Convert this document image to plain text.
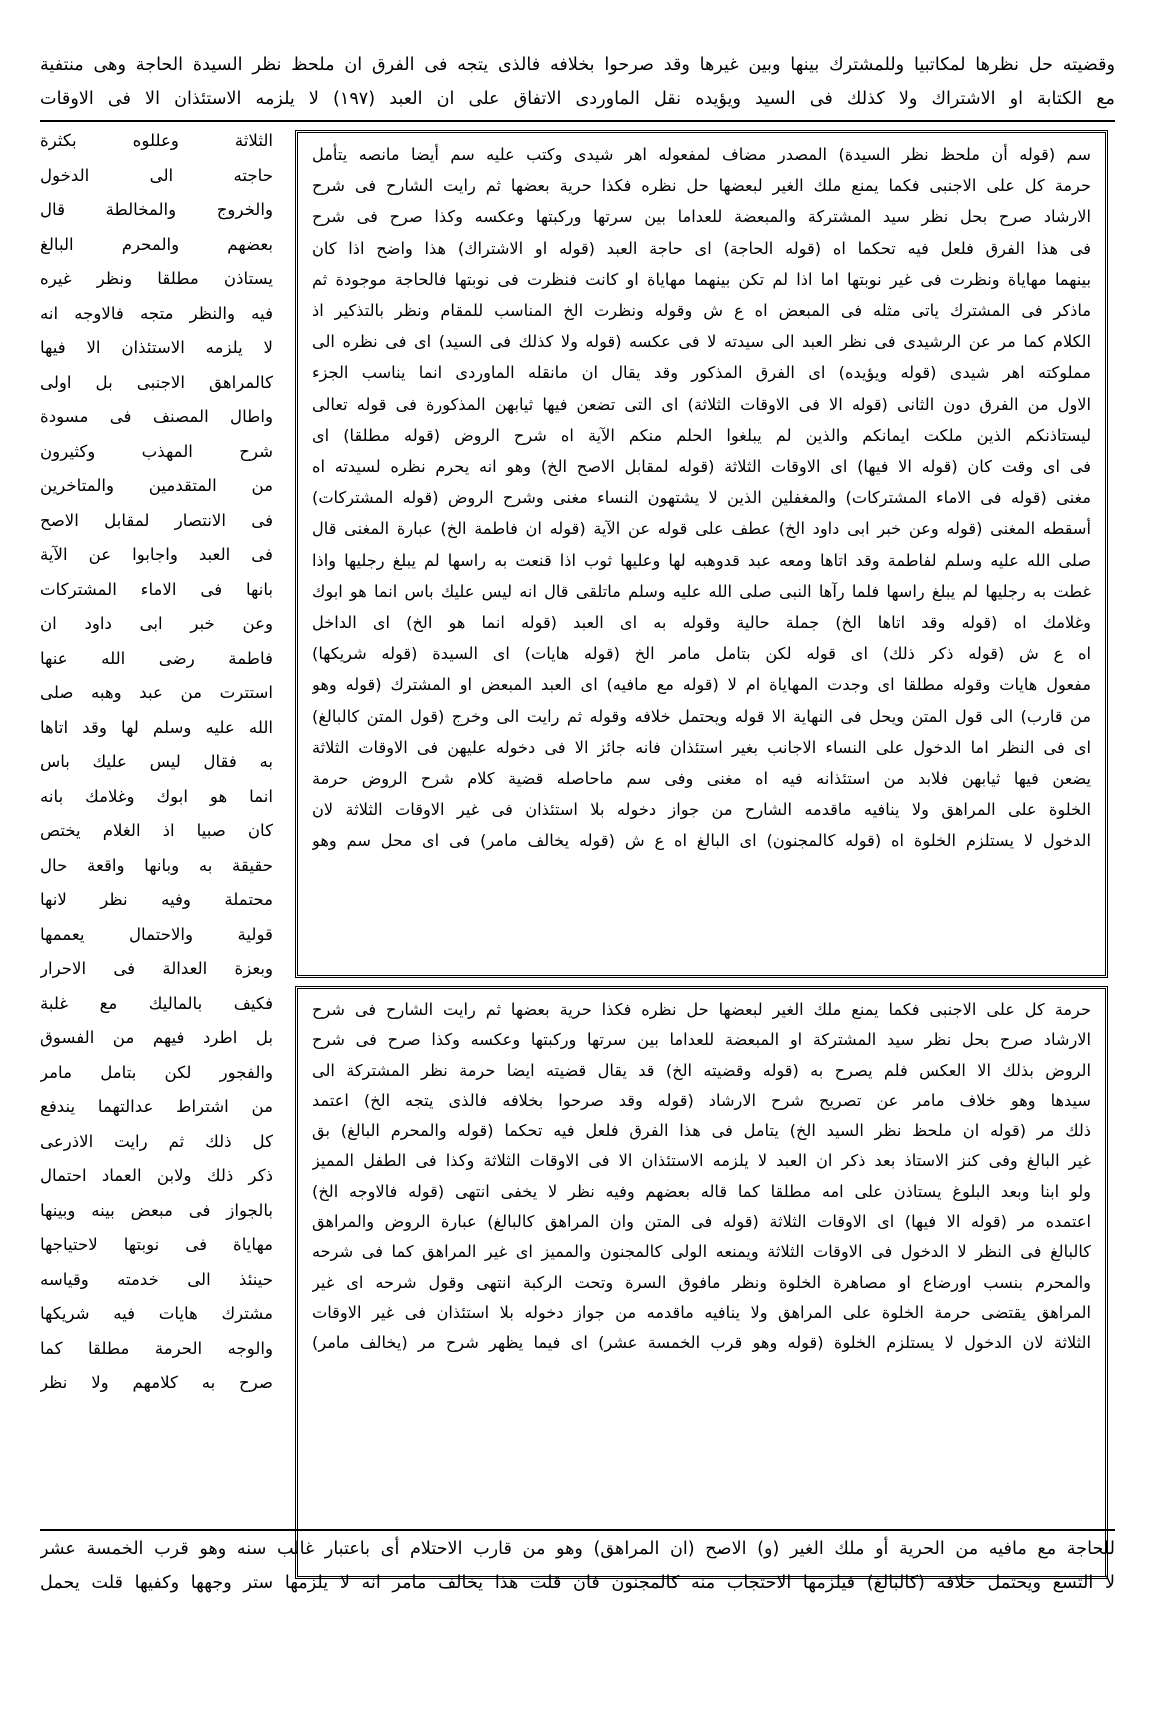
وقضيته حل نظرها لمكاتبيا وللمشترك بينها وبين غيرها وقد صرحوا بخلافه فالذى يتجه فى الفرق ان ملحظ نظر السيدة الحاجة وهى منتفية
مع الكتابة او الاشتراك ولا كذلك فى السيد ويؤيده نقل الماوردى الاتفاق على ان العبد (١٩٧) لا يلزمه الاستئذان الا فى الاوقات
سم (قوله أن ملحظ نظر السيدة) المصدر مضاف لمفعوله اهر شيدى وكتب عليه سم أيضا مانصه يتأمل
حرمة كل على الاجنبى فكما يمنع ملك الغير لبعضها حل نظره فكذا حرية بعضها ثم رايت الشارح فى شرح
الارشاد صرح بحل نظر سيد المشتركة والمبعضة للعداما بين سرتها وركبتها وعكسه وكذا صرح فى شرح
فى هذا الفرق فلعل فيه تحكما اه (قوله الحاجة) اى حاجة العبد (قوله او الاشتراك) هذا واضح اذا كان
بينهما مهاياة ونظرت فى غير نوبتها اما اذا لم تكن بينهما مهاياة او كانت فنظرت فى نوبتها فالحاجة موجودة ثم
ماذكر فى المشترك ياتى مثله فى المبعض اه ع ش وقوله ونظرت الخ المناسب للمقام ونظر بالتذكير اذ
الكلام كما مر عن الرشيدى فى نظر العبد الى سيدته لا فى عكسه (قوله ولا كذلك فى السيد) اى فى نظره الى
مملوكته اهر شيدى (قوله ويؤيده) اى الفرق المذكور وقد يقال ان مانقله الماوردى انما يناسب الجزء
الاول من الفرق دون الثانى (قوله الا فى الاوقات الثلاثة) اى التى تضعن فيها ثيابهن المذكورة فى قوله تعالى
ليستاذنكم الذين ملكت ايمانكم والذين لم يبلغوا الحلم منكم الآية اه شرح الروض (قوله مطلقا) اى
فى اى وقت كان (قوله الا فيها) اى الاوقات الثلاثة (قوله لمقابل الاصح الخ) وهو انه يحرم نظره لسيدته اه
مغنى (قوله فى الاماء المشتركات) والمغفلين الذين لا يشتهون النساء مغنى وشرح الروض (قوله المشتركات)
أسقطه المغنى (قوله وعن خبر ابى داود الخ) عطف على قوله عن الآية (قوله ان فاطمة الخ) عبارة المغنى قال
صلى الله عليه وسلم لفاطمة وقد اتاها ومعه عبد قدوهبه لها وعليها ثوب اذا قنعت به راسها لم يبلغ رجليها واذا
غطت به رجليها لم يبلغ راسها فلما رآها النبى صلى الله عليه وسلم ماتلقى قال انه ليس عليك باس انما هو ابوك
وغلامك اه (قوله وقد اتاها الخ) جملة حالية وقوله به اى العبد (قوله انما هو الخ) اى الداخل
اه ع ش (قوله ذكر ذلك) اى قوله لكن بتامل مامر الخ (قوله هايات) اى السيدة (قوله شريكها)
مفعول هايات وقوله مطلقا اى وجدت المهاياة ام لا (قوله مع مافيه) اى العبد المبعض او المشترك (قوله وهو
من قارب) الى قول المتن ويحل فى النهاية الا قوله ويحتمل خلافه وقوله ثم رايت الى وخرج (قول المتن كالبالغ)
اى فى النظر اما الدخول على النساء الاجانب بغير استئذان فانه جائز الا فى دخوله عليهن فى الاوقات الثلاثة
يضعن فيها ثيابهن فلابد من استئذانه فيه اه مغنى وفى سم ماحاصله قضية كلام شرح الروض حرمة
الخلوة على المراهق ولا ينافيه ماقدمه الشارح من جواز دخوله بلا استئذان فى غير الاوقات الثلاثة لان
الدخول لا يستلزم الخلوة اه (قوله كالمجنون) اى البالغ اه ع ش (قوله يخالف مامر) فى اى محل سم وهو
حرمة كل على الاجنبى فكما يمنع ملك الغير لبعضها حل نظره فكذا حرية بعضها ثم رايت الشارح فى شرح
الارشاد صرح بحل نظر سيد المشتركة او المبعضة للعداما بين سرتها وركبتها وعكسه وكذا صرح فى شرح
الروض بذلك الا العكس فلم يصرح به (قوله وقضيته الخ) قد يقال قضيته ايضا حرمة نظر المشتركة الى
سيدها وهو خلاف مامر عن تصريح شرح الارشاد (قوله وقد صرحوا بخلافه فالذى يتجه الخ) اعتمد
ذلك مر (قوله ان ملحظ نظر السيد الخ) يتامل فى هذا الفرق فلعل فيه تحكما (قوله والمحرم البالغ) بق
غير البالغ وفى كنز الاستاذ بعد ذكر ان العبد لا يلزمه الاستئذان الا فى الاوقات الثلاثة وكذا فى الطفل المميز
ولو ابنا وبعد البلوغ يستاذن على امه مطلقا كما قاله بعضهم وفيه نظر لا يخفى انتهى (قوله فالاوجه الخ)
اعتمده مر (قوله الا فيها) اى الاوقات الثلاثة (قوله فى المتن وان المراهق كالبالغ) عبارة الروض والمراهق
كالبالغ فى النظر لا الدخول فى الاوقات الثلاثة ويمنعه الولى كالمجنون والمميز اى غير المراهق كما فى شرحه
والمحرم بنسب اورضاع او مصاهرة الخلوة ونظر مافوق السرة وتحت الركبة انتهى وقول شرحه اى غير
المراهق يقتضى حرمة الخلوة على المراهق ولا ينافيه ماقدمه من جواز دخوله بلا استئذان فى غير الاوقات
الثلاثة لان الدخول لا يستلزم الخلوة (قوله وهو قرب الخمسة عشر) اى فيما يظهر شرح مر (يخالف مامر)
الثلاثة وعللوه بكثرة
حاجته الى الدخول
والخروج والمخالطة قال
بعضهم والمحرم البالغ
يستاذن مطلقا ونظر غيره
فيه والنظر متجه فالاوجه انه
لا يلزمه الاستئذان الا فيها
كالمراهق الاجنبى بل اولى
واطال المصنف فى مسودة
شرح المهذب وكثيرون
من المتقدمين والمتاخرين
فى الانتصار لمقابل الاصح
فى العبد واجابوا عن الآية
بانها فى الاماء المشتركات
وعن خبر ابى داود ان
فاطمة رضى الله عنها
استترت من عبد وهبه صلى
الله عليه وسلم لها وقد اتاها
به فقال ليس عليك باس
انما هو ابوك وغلامك بانه
كان صبيا اذ الغلام يختص
حقيقة به وبانها واقعة حال
محتملة وفيه نظر لانها
قولية والاحتمال يعممها
وبعزة العدالة فى الاحرار
فكيف بالماليك مع غلبة
بل اطرد فيهم من الفسوق
والفجور لكن بتامل مامر
من اشتراط عدالتهما يندفع
كل ذلك ثم رايت الاذرعى
ذكر ذلك ولابن العماد احتمال
بالجواز فى مبعض بينه وبينها
مهاياة فى نوبتها لاحتياجها
حينئذ الى خدمته وقياسه
مشترك هايات فيه شريكها
والوجه الحرمة مطلقا كما
صرح به كلامهم ولا نظر
للحاجة مع مافيه من الحرية أو ملك الغير (و) الاصح (ان المراهق) وهو من قارب الاحتلام أى باعتبار غالب سنه وهو قرب الخمسة عشر
لا التسع ويحتمل خلافه (كالبالغ) فيلزمها الاحتجاب منه كالمجنون فان قلت هذا يخالف مامر انه لا يلزمها ستر وجهها وكفيها قلت يحمل
